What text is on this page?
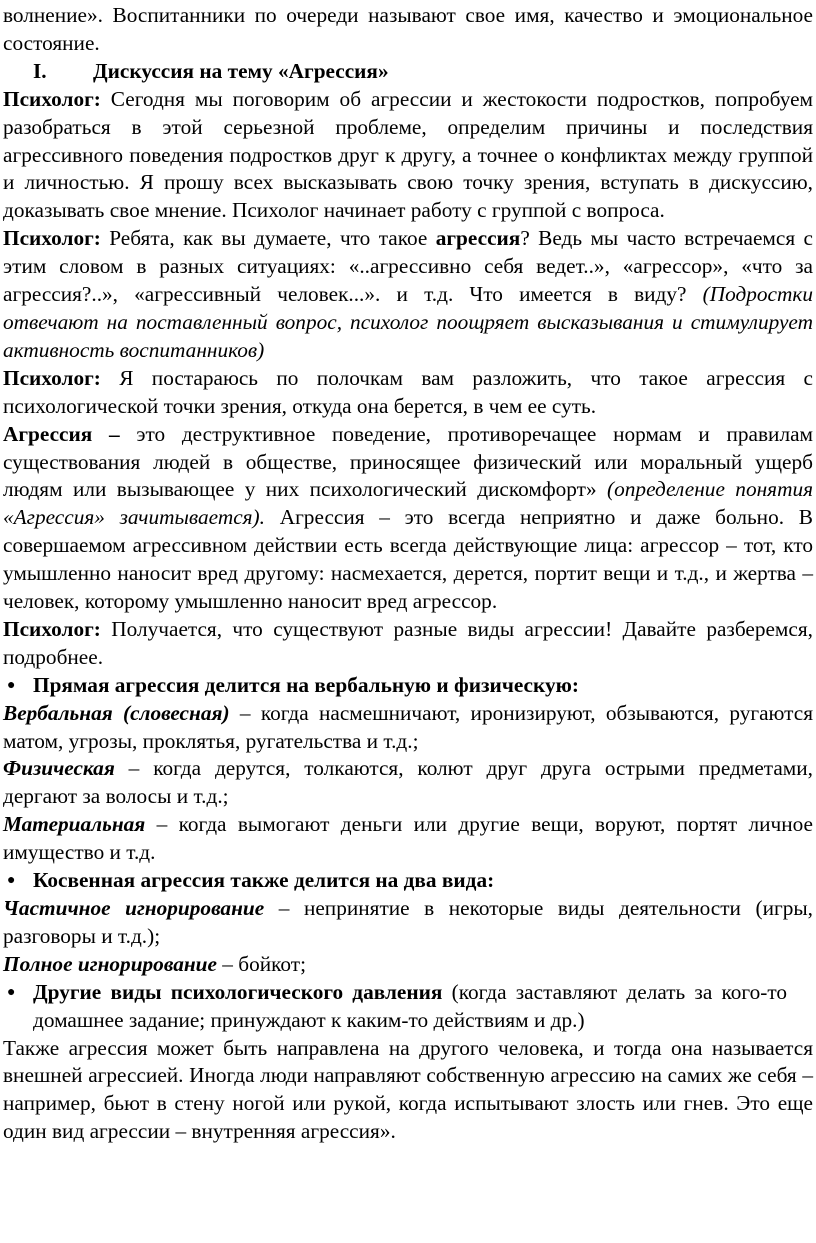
волнение». Воспитанники по очереди называют свое имя, качество и эмоциональное состояние.

I.	Дискуссия на тему «Агрессия»

Психолог: Сегодня мы поговорим об агрессии и жестокости подростков, попробуем разобраться в этой серьезной проблеме, определим причины и последствия агрессивного поведения подростков друг к другу, а точнее о конфликтах между группой и личностью. Я прошу всех высказывать свою точку зрения, вступать в дискуссию, доказывать свое мнение. Психолог начинает работу с группой с вопроса.

Психолог: Ребята, как вы думаете, что такое агрессия? Ведь мы часто встречаемся с этим словом в разных ситуациях: «..агрессивно себя ведет..», «агрессор», «что за агрессия?..», «агрессивный человек...». и т.д. Что имеется в виду? (Подростки отвечают на поставленный вопрос, психолог поощряет высказывания и стимулирует активность воспитанников)

Психолог: Я постараюсь по полочкам вам разложить, что такое агрессия с психологической точки зрения, откуда она берется, в чем ее суть.

Агрессия – это деструктивное поведение, противоречащее нормам и правилам существования людей в обществе, приносящее физический или моральный ущерб людям или вызывающее у них психологический дискомфорт» (определение понятия «Агрессия» зачитывается). Агрессия – это всегда неприятно и даже больно. В совершаемом агрессивном действии есть всегда действующие лица: агрессор – тот, кто умышленно наносит вред другому: насмехается, дерется, портит вещи и т.д., и жертва – человек, которому умышленно наносит вред агрессор.

Психолог: Получается, что существуют разные виды агрессии! Давайте разберемся, подробнее.

● Прямая агрессия делится на вербальную и физическую:

Вербальная (словесная) – когда насмешничают, иронизируют, обзываются, ругаются матом, угрозы, проклятья, ругательства и т.д.;

Физическая – когда дерутся, толкаются, колют друг друга острыми предметами, дергают за волосы и т.д.;

Материальная – когда вымогают деньги или другие вещи, воруют, портят личное имущество и т.д.

● Косвенная агрессия также делится на два вида:

Частичное игнорирование – непринятие в некоторые виды деятельности (игры, разговоры и т.д.);

Полное игнорирование – бойкот;

● Другие виды психологического давления (когда заставляют делать за кого-то домашнее задание; принуждают к каким-то действиям и др.)

Также агрессия может быть направлена на другого человека, и тогда она называется внешней агрессией. Иногда люди направляют собственную агрессию на самих же себя – например, бьют в стену ногой или рукой, когда испытывают злость или гнев. Это еще один вид агрессии – внутренняя агрессия».
